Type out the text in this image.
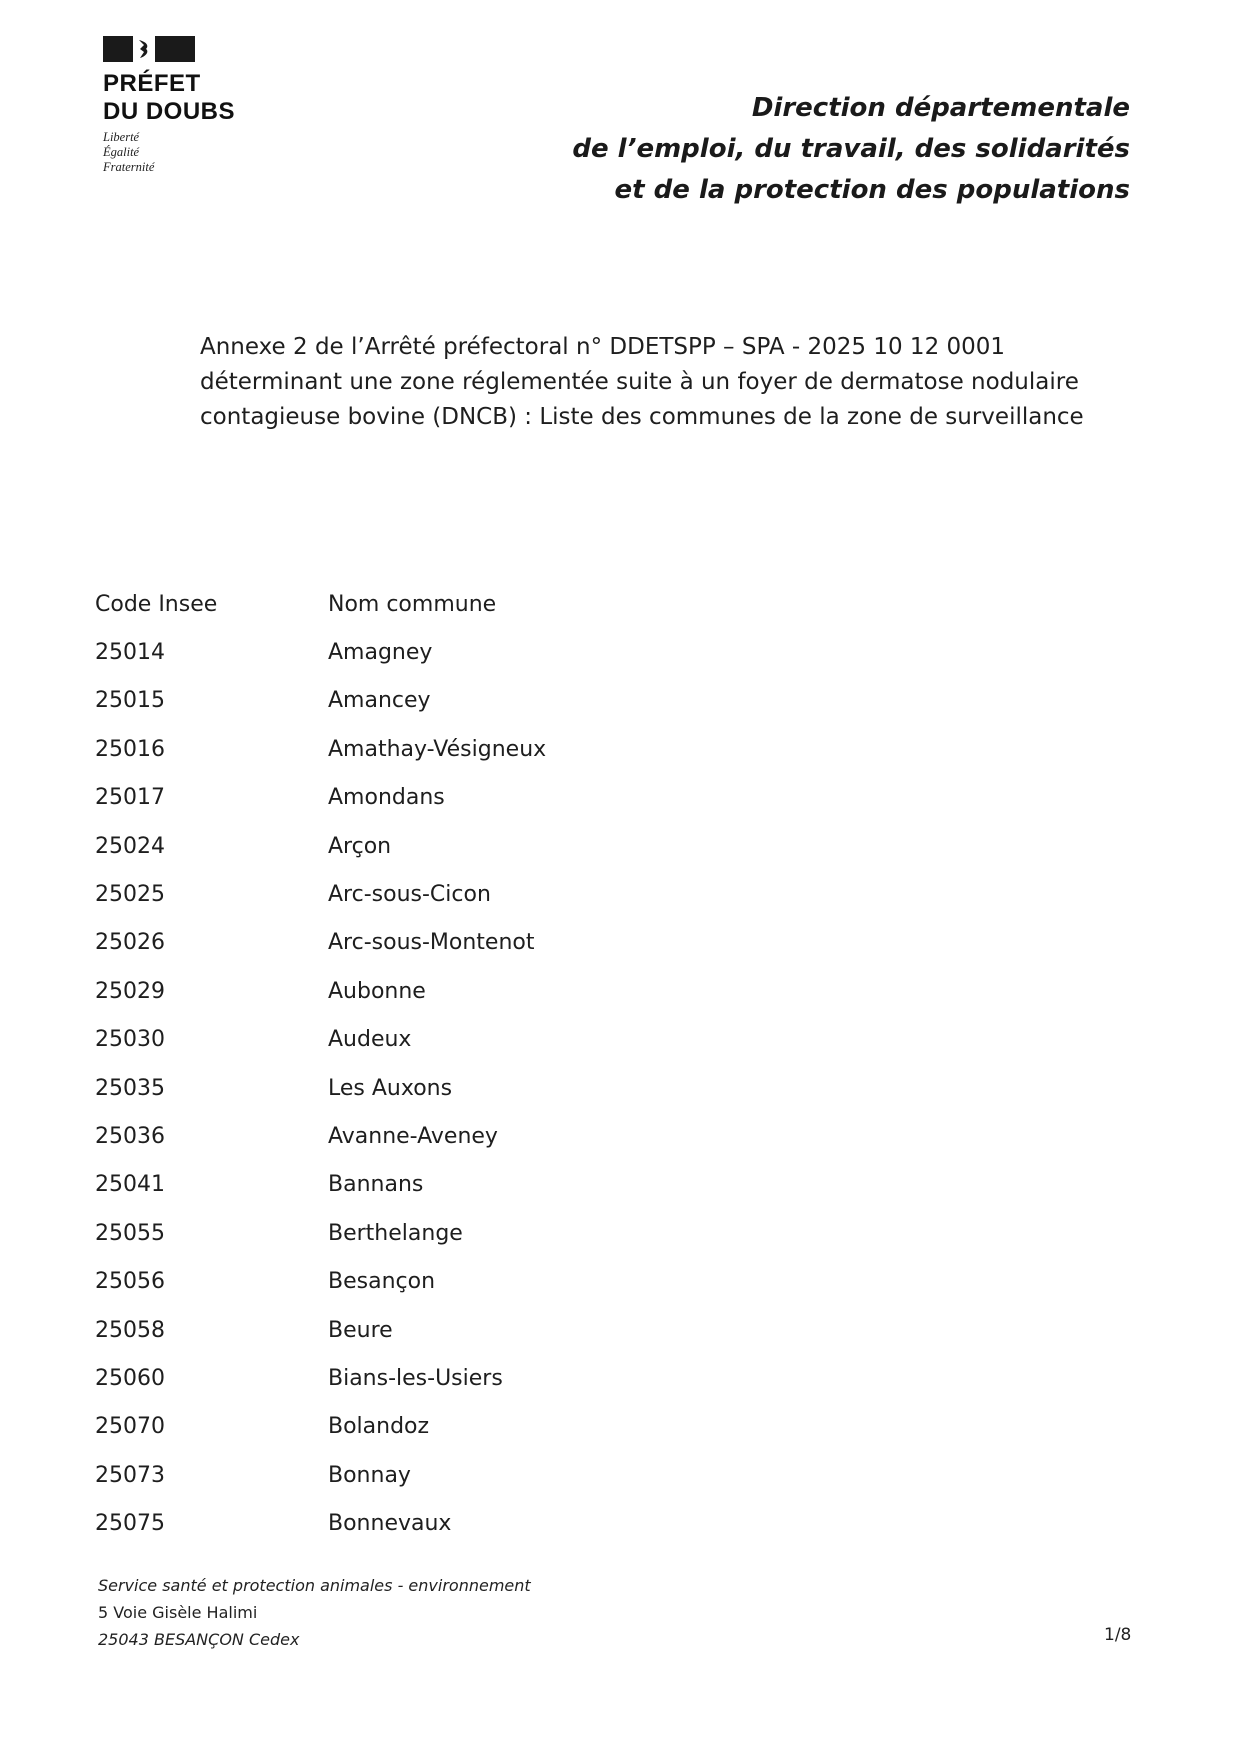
PRÉFET
DU DOUBS
Liberté
Égalité
Fraternité
Direction départementale
de l’emploi, du travail, des solidarités
et de la protection des populations
Annexe 2 de l’Arrêté préfectoral n° DDETSPP – SPA - 2025 10 12 0001
déterminant une zone réglementée suite à un foyer de dermatose nodulaire
contagieuse bovine (DNCB) : Liste des communes de la zone de surveillance
Code Insee	Nom commune
25014	Amagney
25015	Amancey
25016	Amathay-Vésigneux
25017	Amondans
25024	Arçon
25025	Arc-sous-Cicon
25026	Arc-sous-Montenot
25029	Aubonne
25030	Audeux
25035	Les Auxons
25036	Avanne-Aveney
25041	Bannans
25055	Berthelange
25056	Besançon
25058	Beure
25060	Bians-les-Usiers
25070	Bolandoz
25073	Bonnay
25075	Bonnevaux
Service santé et protection animales - environnement
5 Voie Gisèle Halimi
25043 BESANÇON Cedex	1/8
